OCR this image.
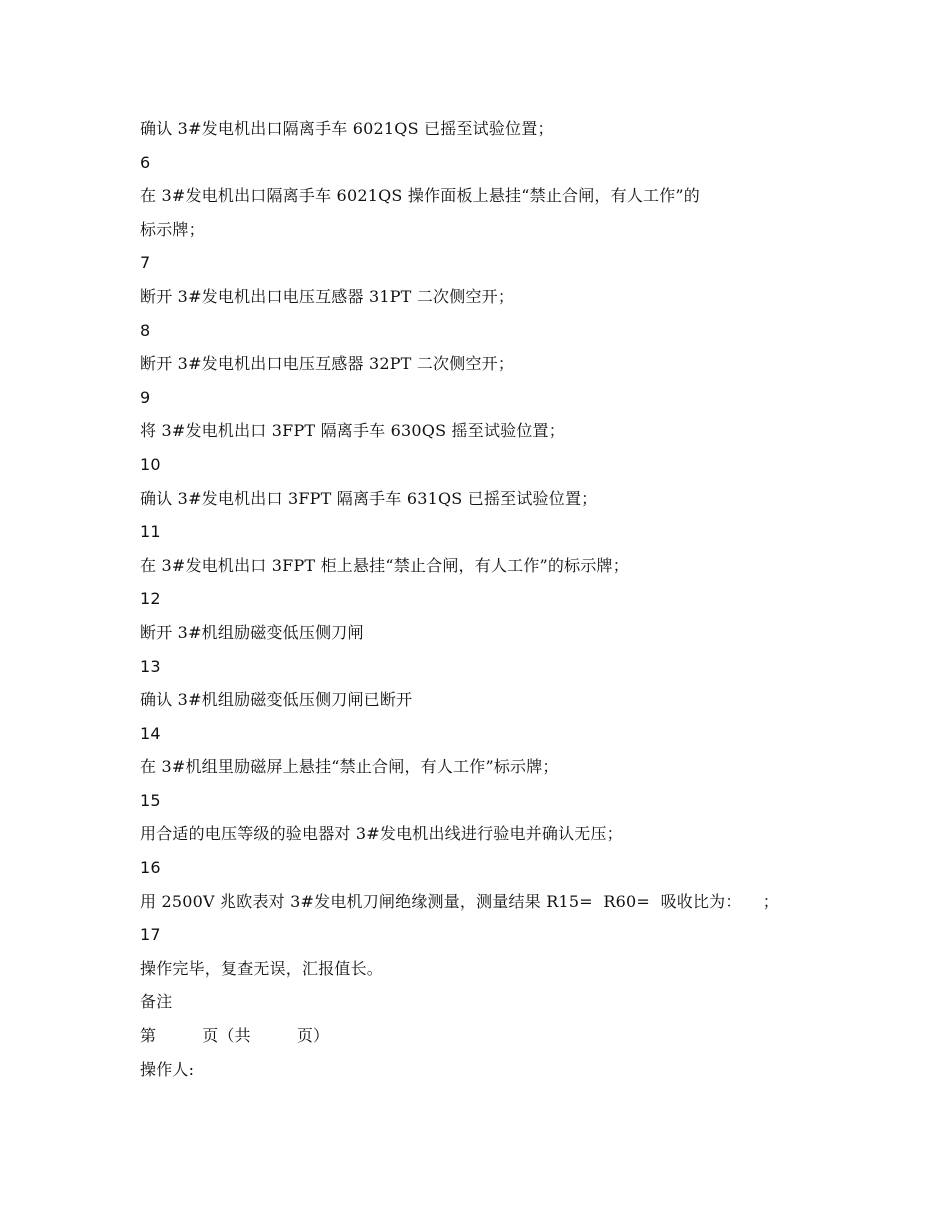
确认 3#发电机出口隔离手车 6021QS 已摇至试验位置；
6
在 3#发电机出口隔离手车 6021QS 操作面板上悬挂“禁止合闸，有人工作”的
标示牌；
7
断开 3#发电机出口电压互感器 31PT 二次侧空开；
8
断开 3#发电机出口电压互感器 32PT 二次侧空开；
9
将 3#发电机出口 3FPT 隔离手车 630QS 摇至试验位置；
10
确认 3#发电机出口 3FPT 隔离手车 631QS 已摇至试验位置；
11
在 3#发电机出口 3FPT 柜上悬挂“禁止合闸，有人工作”的标示牌；
12
断开 3#机组励磁变低压侧刀闸
13
确认 3#机组励磁变低压侧刀闸已断开
14
在 3#机组里励磁屏上悬挂“禁止合闸，有人工作”标示牌；
15
用合适的电压等级的验电器对 3#发电机出线进行验电并确认无压；
16
用 2500V 兆欧表对 3#发电机刀闸绝缘测量，测量结果 R15=  R60=  吸收比为：    ；
17
操作完毕，复查无误，汇报值长。
备注
第	页（共	页）
操作人:
